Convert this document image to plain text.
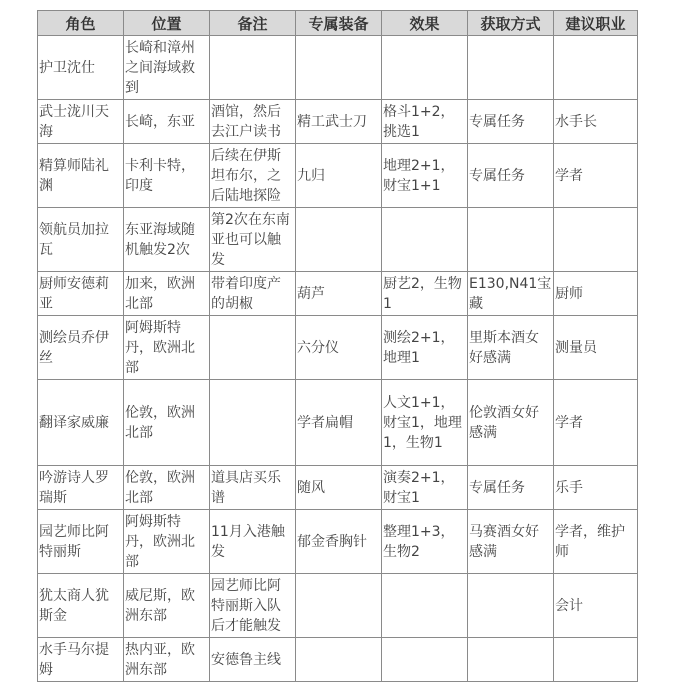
角色	位置	备注	专属装备	效果	获取方式	建议职业
护卫沈仕	长崎和漳州之间海域救到					
武士泷川天海	长崎，东亚	酒馆，然后去江户读书	精工武士刀	格斗1+2，挑选1	专属任务	水手长
精算师陆礼渊	卡利卡特，印度	后续在伊斯坦布尔，之后陆地探险	九归	地理2+1，财宝1+1	专属任务	学者
领航员加拉瓦	东亚海域随机触发2次	第2次在东南亚也可以触发				
厨师安德莉亚	加来，欧洲北部	带着印度产的胡椒	葫芦	厨艺2，生物1	E130,N41宝藏	厨师
测绘员乔伊丝	阿姆斯特丹，欧洲北部		六分仪	测绘2+1，地理1	里斯本酒女好感满	测量员
翻译家威廉	伦敦，欧洲北部		学者扁帽	人文1+1，财宝1，地理1，生物1	伦敦酒女好感满	学者
吟游诗人罗瑞斯	伦敦，欧洲北部	道具店买乐谱	随风	演奏2+1，财宝1	专属任务	乐手
园艺师比阿特丽斯	阿姆斯特丹，欧洲北部	11月入港触发	郁金香胸针	整理1+3，生物2	马赛酒女好感满	学者，维护师
犹太商人犹斯金	威尼斯，欧洲东部	园艺师比阿特丽斯入队后才能触发				会计
水手马尔提姆	热内亚，欧洲东部	安德鲁主线				
